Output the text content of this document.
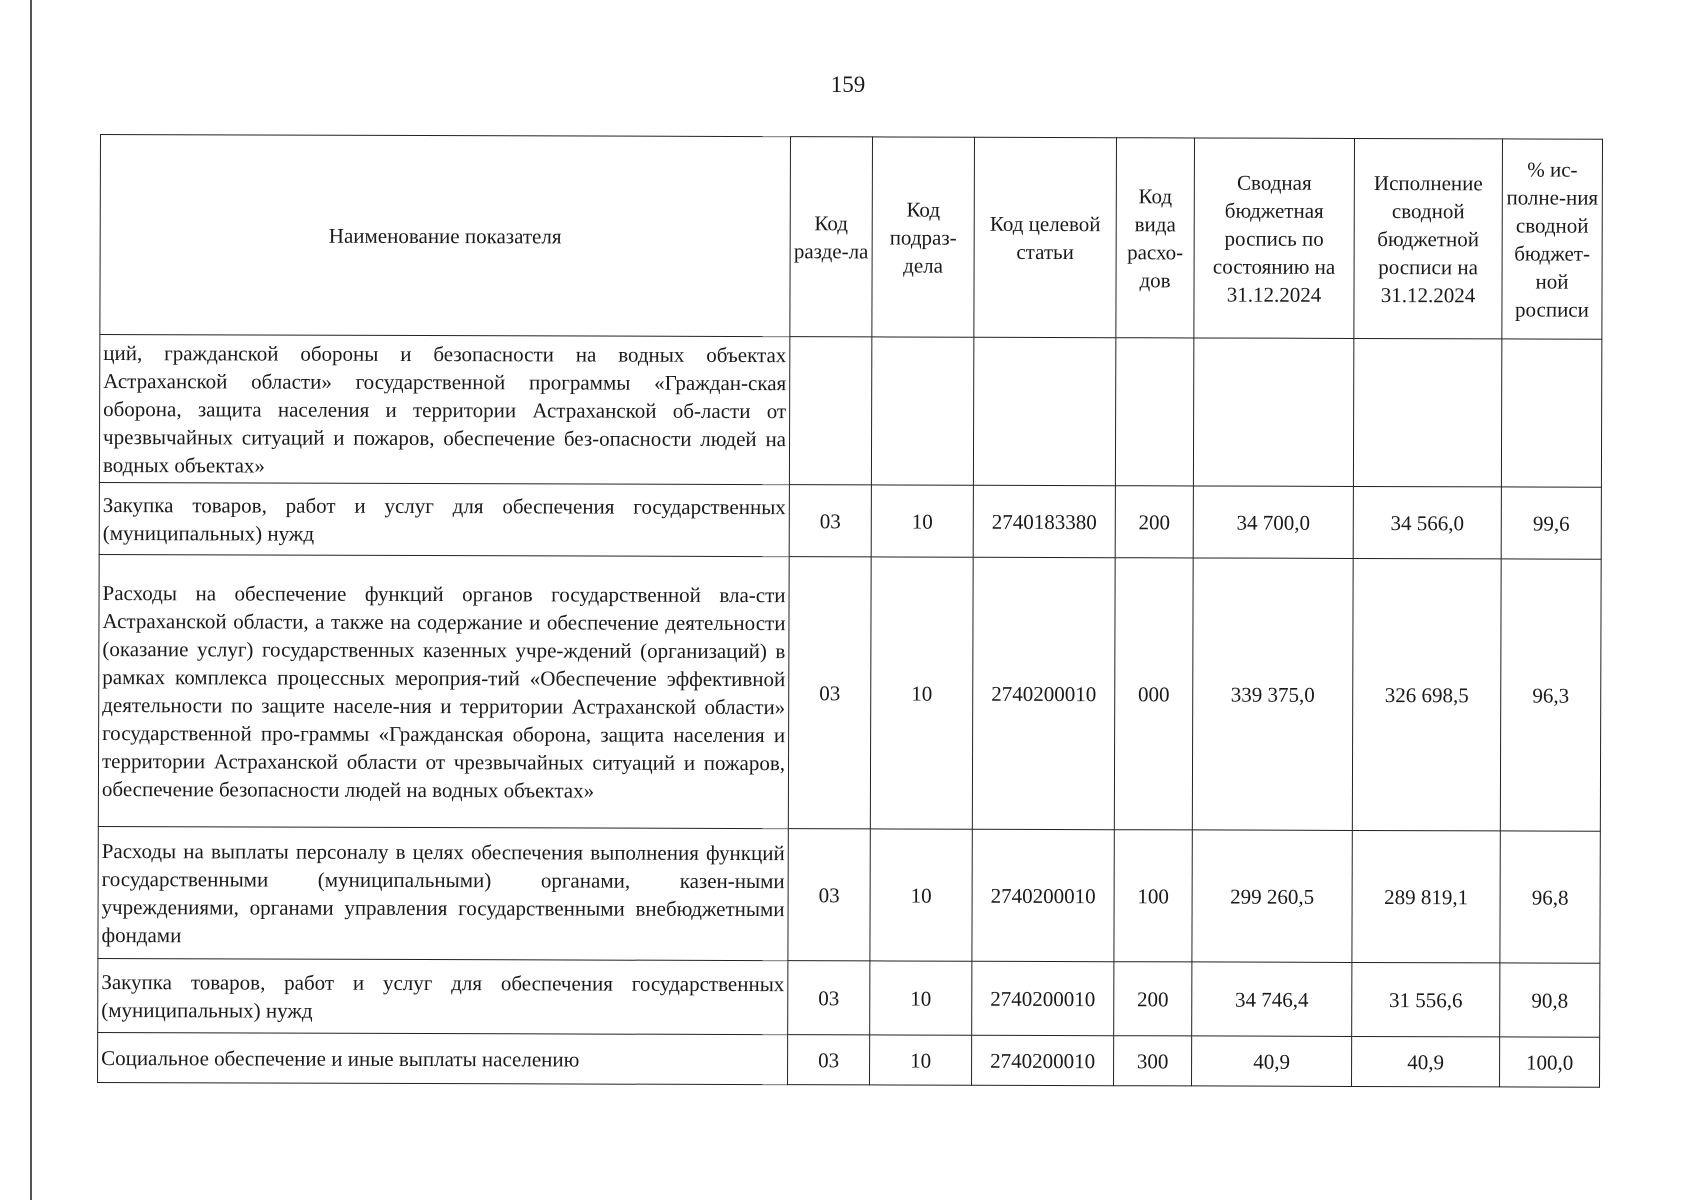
159
Наименование показателя	Код разде-ла	Код подраз-дела	Код целевой статьи	Код вида расхо-дов	Сводная бюджетная роспись по состоянию на 31.12.2024	Исполнение сводной бюджетной росписи на 31.12.2024	% ис-полне-ния сводной бюджет-ной росписи
ций, гражданской обороны и безопасности на водных объектах Астраханской области» государственной программы «Граждан-ская оборона, защита населения и территории Астраханской об-ласти от чрезвычайных ситуаций и пожаров, обеспечение без-опасности людей на водных объектах»							
Закупка товаров, работ и услуг для обеспечения государственных (муниципальных) нужд	03	10	2740183380	200	34 700,0	34 566,0	99,6
Расходы на обеспечение функций органов государственной вла-сти Астраханской области, а также на содержание и обеспечение деятельности (оказание услуг) государственных казенных учре-ждений (организаций) в рамках комплекса процессных мероприя-тий «Обеспечение эффективной деятельности по защите населе-ния и территории Астраханской области» государственной про-граммы «Гражданская оборона, защита населения и территории Астраханской области от чрезвычайных ситуаций и пожаров, обеспечение безопасности людей на водных объектах»	03	10	2740200010	000	339 375,0	326 698,5	96,3
Расходы на выплаты персоналу в целях обеспечения выполнения функций государственными (муниципальными) органами, казен-ными учреждениями, органами управления государственными внебюджетными фондами	03	10	2740200010	100	299 260,5	289 819,1	96,8
Закупка товаров, работ и услуг для обеспечения государственных (муниципальных) нужд	03	10	2740200010	200	34 746,4	31 556,6	90,8
Социальное обеспечение и иные выплаты населению	03	10	2740200010	300	40,9	40,9	100,0
